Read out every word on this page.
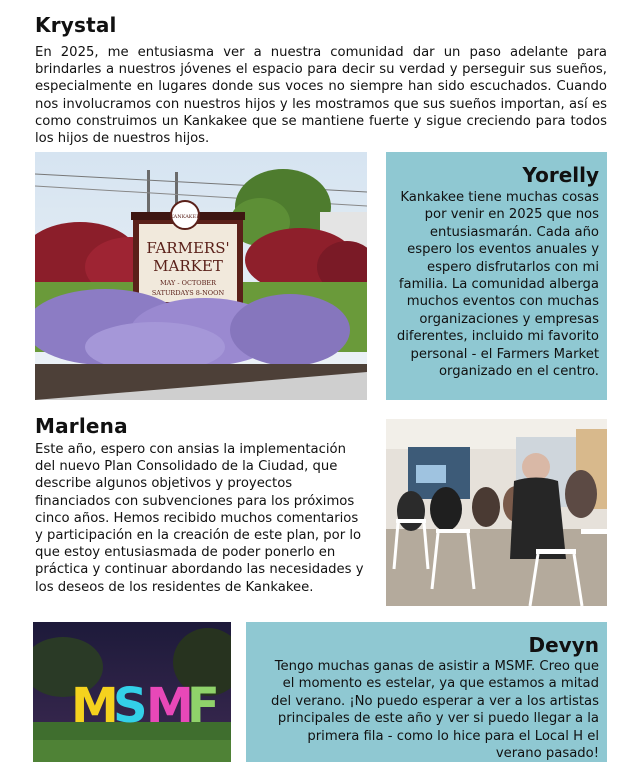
Krystal
En 2025, me entusiasma ver a nuestra comunidad dar un paso adelante para brindarles a nuestros jóvenes el espacio para decir su verdad y perseguir sus sueños, especialmente en lugares donde sus voces no siempre han sido escuchados. Cuando nos involucramos con nuestros hijos y les mostramos que sus sueños importan, así es como construimos un Kankakee que se mantiene fuerte y sigue creciendo para todos los hijos de nuestros hijos.
KANKAKEE
FARMERS'
MARKET
MAY - OCTOBER
SATURDAYS 8-NOON
Yorelly
Kankakee tiene muchas cosas por venir en 2025 que nos entusiasmarán. Cada año espero los eventos anuales y espero disfrutarlos con mi familia. La comunidad alberga muchos eventos con muchas organizaciones y empresas diferentes, incluido mi favorito personal - el Farmers Market organizado en el centro.
Marlena
Este año, espero con ansias la implementación del nuevo Plan Consolidado de la Ciudad, que describe algunos objetivos y proyectos financiados con subvenciones para los próximos cinco años. Hemos recibido muchos comentarios y participación en la creación de este plan, por lo que estoy entusiasmada de poder ponerlo en práctica y continuar abordando las necesidades y los deseos de los residentes de Kankakee.
M
S
M
F
Devyn
Tengo muchas ganas de asistir a MSMF. Creo que el momento es estelar, ya que estamos a mitad del verano. ¡No puedo esperar a ver a los artistas principales de este año y ver si puedo llegar a la primera fila - como lo hice para el Local H el verano pasado!
